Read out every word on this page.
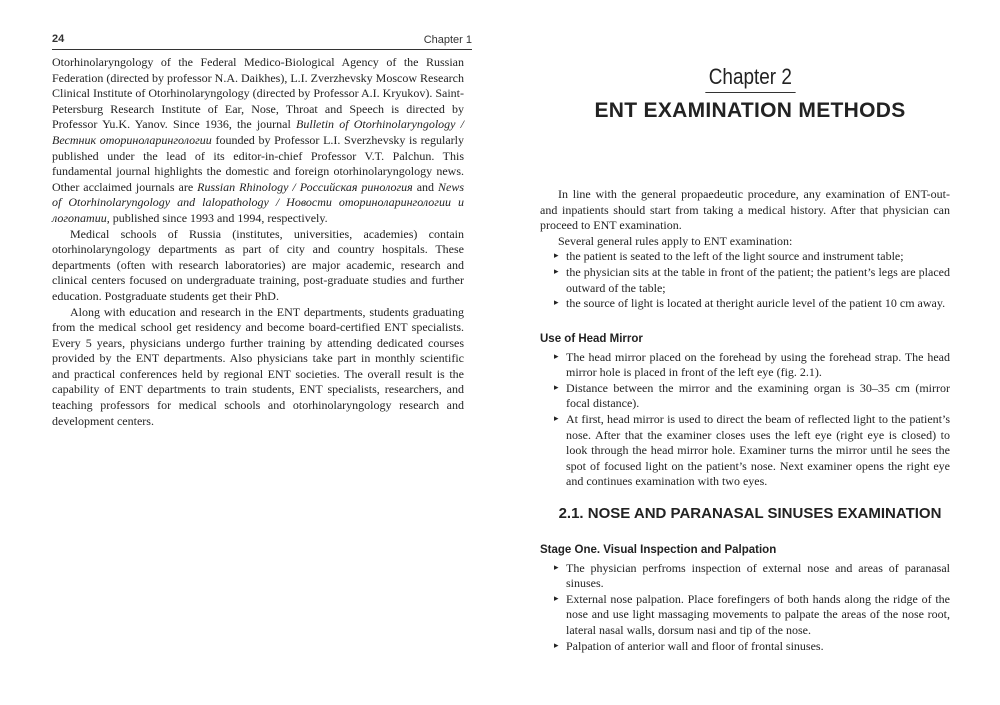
24	Chapter 1

Otorhinolaryngology of the Federal Medico-Biological Agency of the Russian Federation (directed by professor N.A. Daikhes), L.I. Zverzhevsky Moscow Research Clinical Institute of Otorhinolaryngology (directed by Professor A.I. Kryukov). Saint-Petersburg Research Institute of Ear, Nose, Throat and Speech is directed by Professor Yu.K. Yanov. Since 1936, the journal Bulletin of Otorhinolaryngology / Вестник оториноларингологии founded by Professor L.I. Sverzhevsky is regularly published under the lead of its editor-in-chief Professor V.T. Palchun. This fundamental journal highlights the domestic and foreign otorhinolaryngology news. Other acclaimed journals are Russian Rhinology / Российская ринология and News of Otorhinolaryngology and lalopathology / Новости оториноларингологии и логопатии, published since 1993 and 1994, respectively.

Medical schools of Russia (institutes, universities, academies) contain otorhinolaryngology departments as part of city and country hospitals. These departments (often with research laboratories) are major academic, research and clinical centers focused on undergraduate training, post-graduate studies and further education. Postgraduate students get their PhD.

Along with education and research in the ENT departments, students graduating from the medical school get residency and become board-certified ENT specialists. Every 5 years, physicians undergo further training by attending dedicated courses provided by the ENT departments. Also physicians take part in monthly scientific and practical conferences held by regional ENT societies. The overall result is the capability of ENT departments to train students, ENT specialists, researchers, and teaching professors for medical schools and otorhinolaryngology research and development centers.

Chapter 2
ENT EXAMINATION METHODS

In line with the general propaedeutic procedure, any examination of ENT-out- and inpatients should start from taking a medical history. After that physician can proceed to ENT examination.

Several general rules apply to ENT examination:

▸ the patient is seated to the left of the light source and instrument table;
▸ the physician sits at the table in front of the patient; the patient’s legs are placed outward of the table;
▸ the source of light is located at theright auricle level of the patient 10 cm away.

Use of Head Mirror

▸ The head mirror placed on the forehead by using the forehead strap. The head mirror hole is placed in front of the left eye (fig. 2.1).
▸ Distance between the mirror and the examining organ is 30–35 cm (mirror focal distance).
▸ At first, head mirror is used to direct the beam of reflected light to the patient’s nose. After that the examiner closes uses the left eye (right eye is closed) to look through the head mirror hole. Examiner turns the mirror until he sees the spot of focused light on the patient’s nose. Next examiner opens the right eye and continues examination with two eyes.
2.1. NOSE AND PARANASAL SINUSES EXAMINATION

Stage One. Visual Inspection and Palpation

▸ The physician perfroms inspection of external nose and areas of paranasal sinuses.
▸ External nose palpation. Place forefingers of both hands along the ridge of the nose and use light massaging movements to palpate the areas of the nose root, lateral nasal walls, dorsum nasi and tip of the nose.
▸ Palpation of anterior wall and floor of frontal sinuses.
